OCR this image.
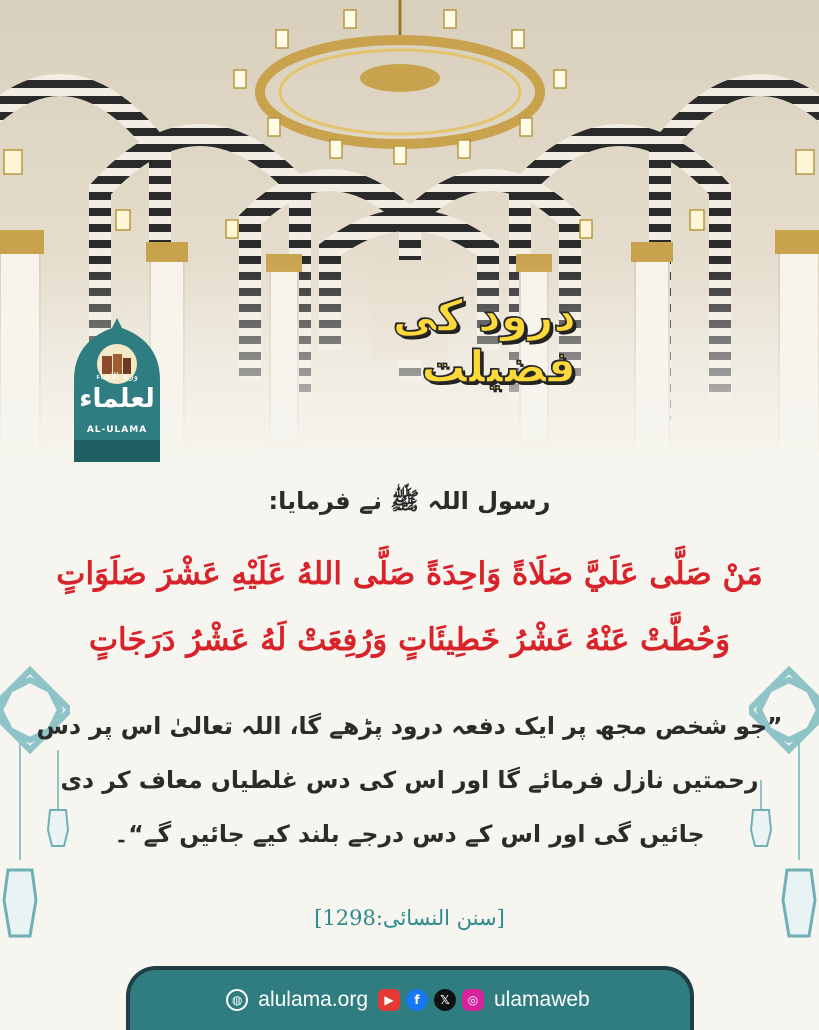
درود کی فضیلت
ورثۃ الانبیاء
لعلماء
AL-ULAMA
رسول اللہ ﷺ نے فرمایا:
مَنْ صَلَّى عَلَيَّ صَلَاةً وَاحِدَةً صَلَّى اللهُ عَلَيْهِ عَشْرَ صَلَوَاتٍ
وَحُطَّتْ عَنْهُ عَشْرُ خَطِيئَاتٍ وَرُفِعَتْ لَهُ عَشْرُ دَرَجَاتٍ
”جو شخص مجھ پر ایک دفعہ درود پڑھے گا، اللہ تعالیٰ اس پر دس
رحمتیں نازل فرمائے گا اور اس کی دس غلطیاں معاف کر دی
جائیں گی اور اس کے دس درجے بلند کیے جائیں گے“۔
[سنن النسائی:1298]
◍ alulama.org	▶	f	𝕏	◎ ulamaweb
